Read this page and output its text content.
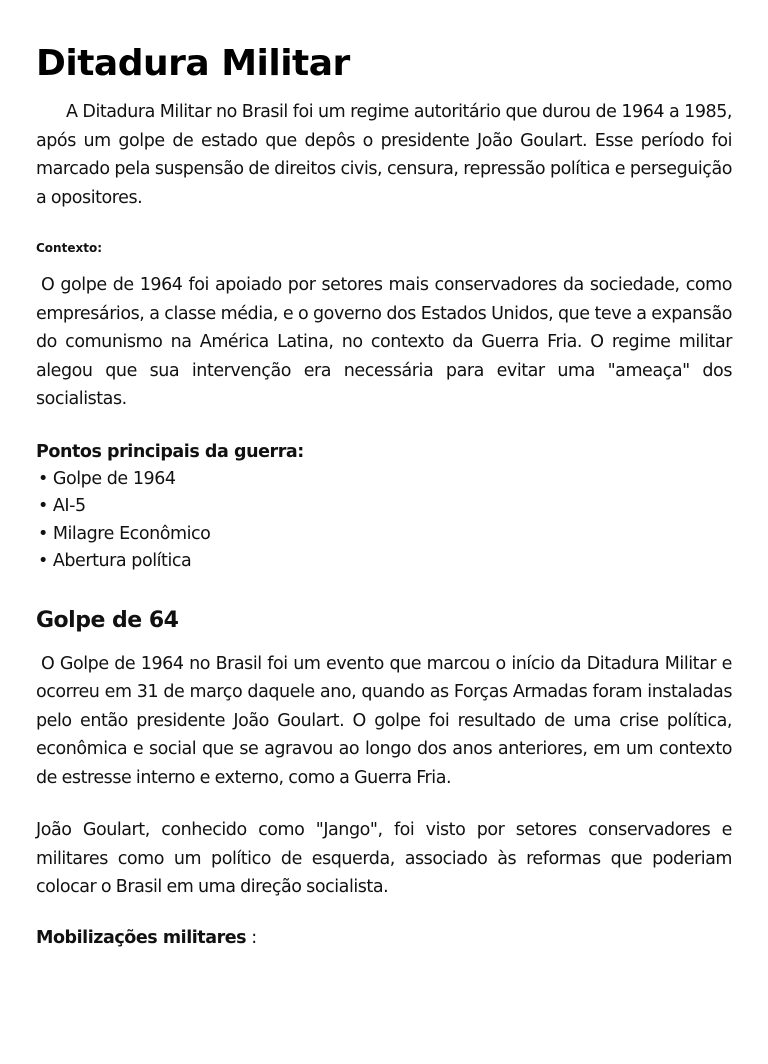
Ditadura Militar

A Ditadura Militar no Brasil foi um regime autoritário que durou de 1964 a 1985, após um golpe de estado que depôs o presidente João Goulart. Esse período foi marcado pela suspensão de direitos civis, censura, repressão política e perseguição a opositores.

Contexto:

O golpe de 1964 foi apoiado por setores mais conservadores da sociedade, como empresários, a classe média, e o governo dos Estados Unidos, que teve a expansão do comunismo na América Latina, no contexto da Guerra Fria. O regime militar alegou que sua intervenção era necessária para evitar uma "ameaça" dos socialistas.

Pontos principais da guerra:
• Golpe de 1964
• AI-5
• Milagre Econômico
• Abertura política
Golpe de 64

O Golpe de 1964 no Brasil foi um evento que marcou o início da Ditadura Militar e ocorreu em 31 de março daquele ano, quando as Forças Armadas foram instaladas pelo então presidente João Goulart. O golpe foi resultado de uma crise política, econômica e social que se agravou ao longo dos anos anteriores, em um contexto de estresse interno e externo, como a Guerra Fria.

João Goulart, conhecido como "Jango", foi visto por setores conservadores e militares como um político de esquerda, associado às reformas que poderiam colocar o Brasil em uma direção socialista.

Mobilizações militares :
